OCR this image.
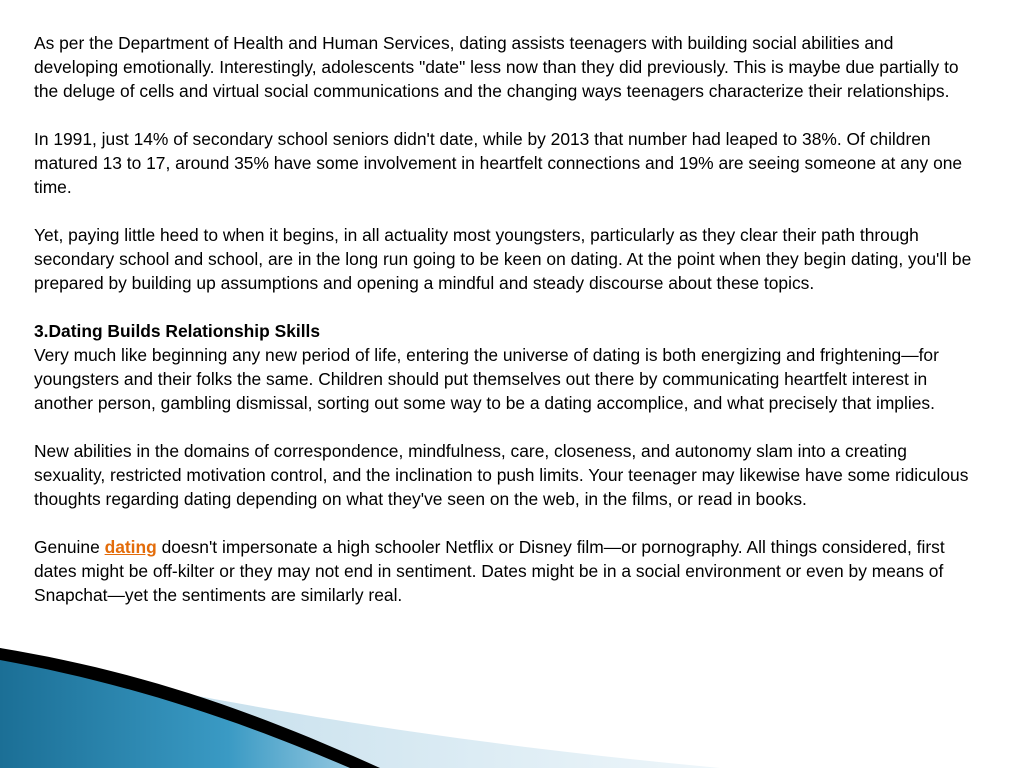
As per the Department of Health and Human Services, dating assists teenagers with building social abilities and developing emotionally. Interestingly, adolescents "date" less now than they did previously. This is maybe due partially to the deluge of cells and virtual social communications and the changing ways teenagers characterize their relationships.

In 1991, just 14% of secondary school seniors didn't date, while by 2013 that number had leaped to 38%. Of children matured 13 to 17, around 35% have some involvement in heartfelt connections and 19% are seeing someone at any one time.

Yet, paying little heed to when it begins, in all actuality most youngsters, particularly as they clear their path through secondary school and school, are in the long run going to be keen on dating. At the point when they begin dating, you'll be prepared by building up assumptions and opening a mindful and steady discourse about these topics.

3.Dating Builds Relationship Skills
Very much like beginning any new period of life, entering the universe of dating is both energizing and frightening—for youngsters and their folks the same. Children should put themselves out there by communicating heartfelt interest in another person, gambling dismissal, sorting out some way to be a dating accomplice, and what precisely that implies.

New abilities in the domains of correspondence, mindfulness, care, closeness, and autonomy slam into a creating sexuality, restricted motivation control, and the inclination to push limits. Your teenager may likewise have some ridiculous thoughts regarding dating depending on what they've seen on the web, in the films, or read in books.

Genuine dating doesn't impersonate a high schooler Netflix or Disney film—or pornography. All things considered, first dates might be off-kilter or they may not end in sentiment. Dates might be in a social environment or even by means of Snapchat—yet the sentiments are similarly real.
